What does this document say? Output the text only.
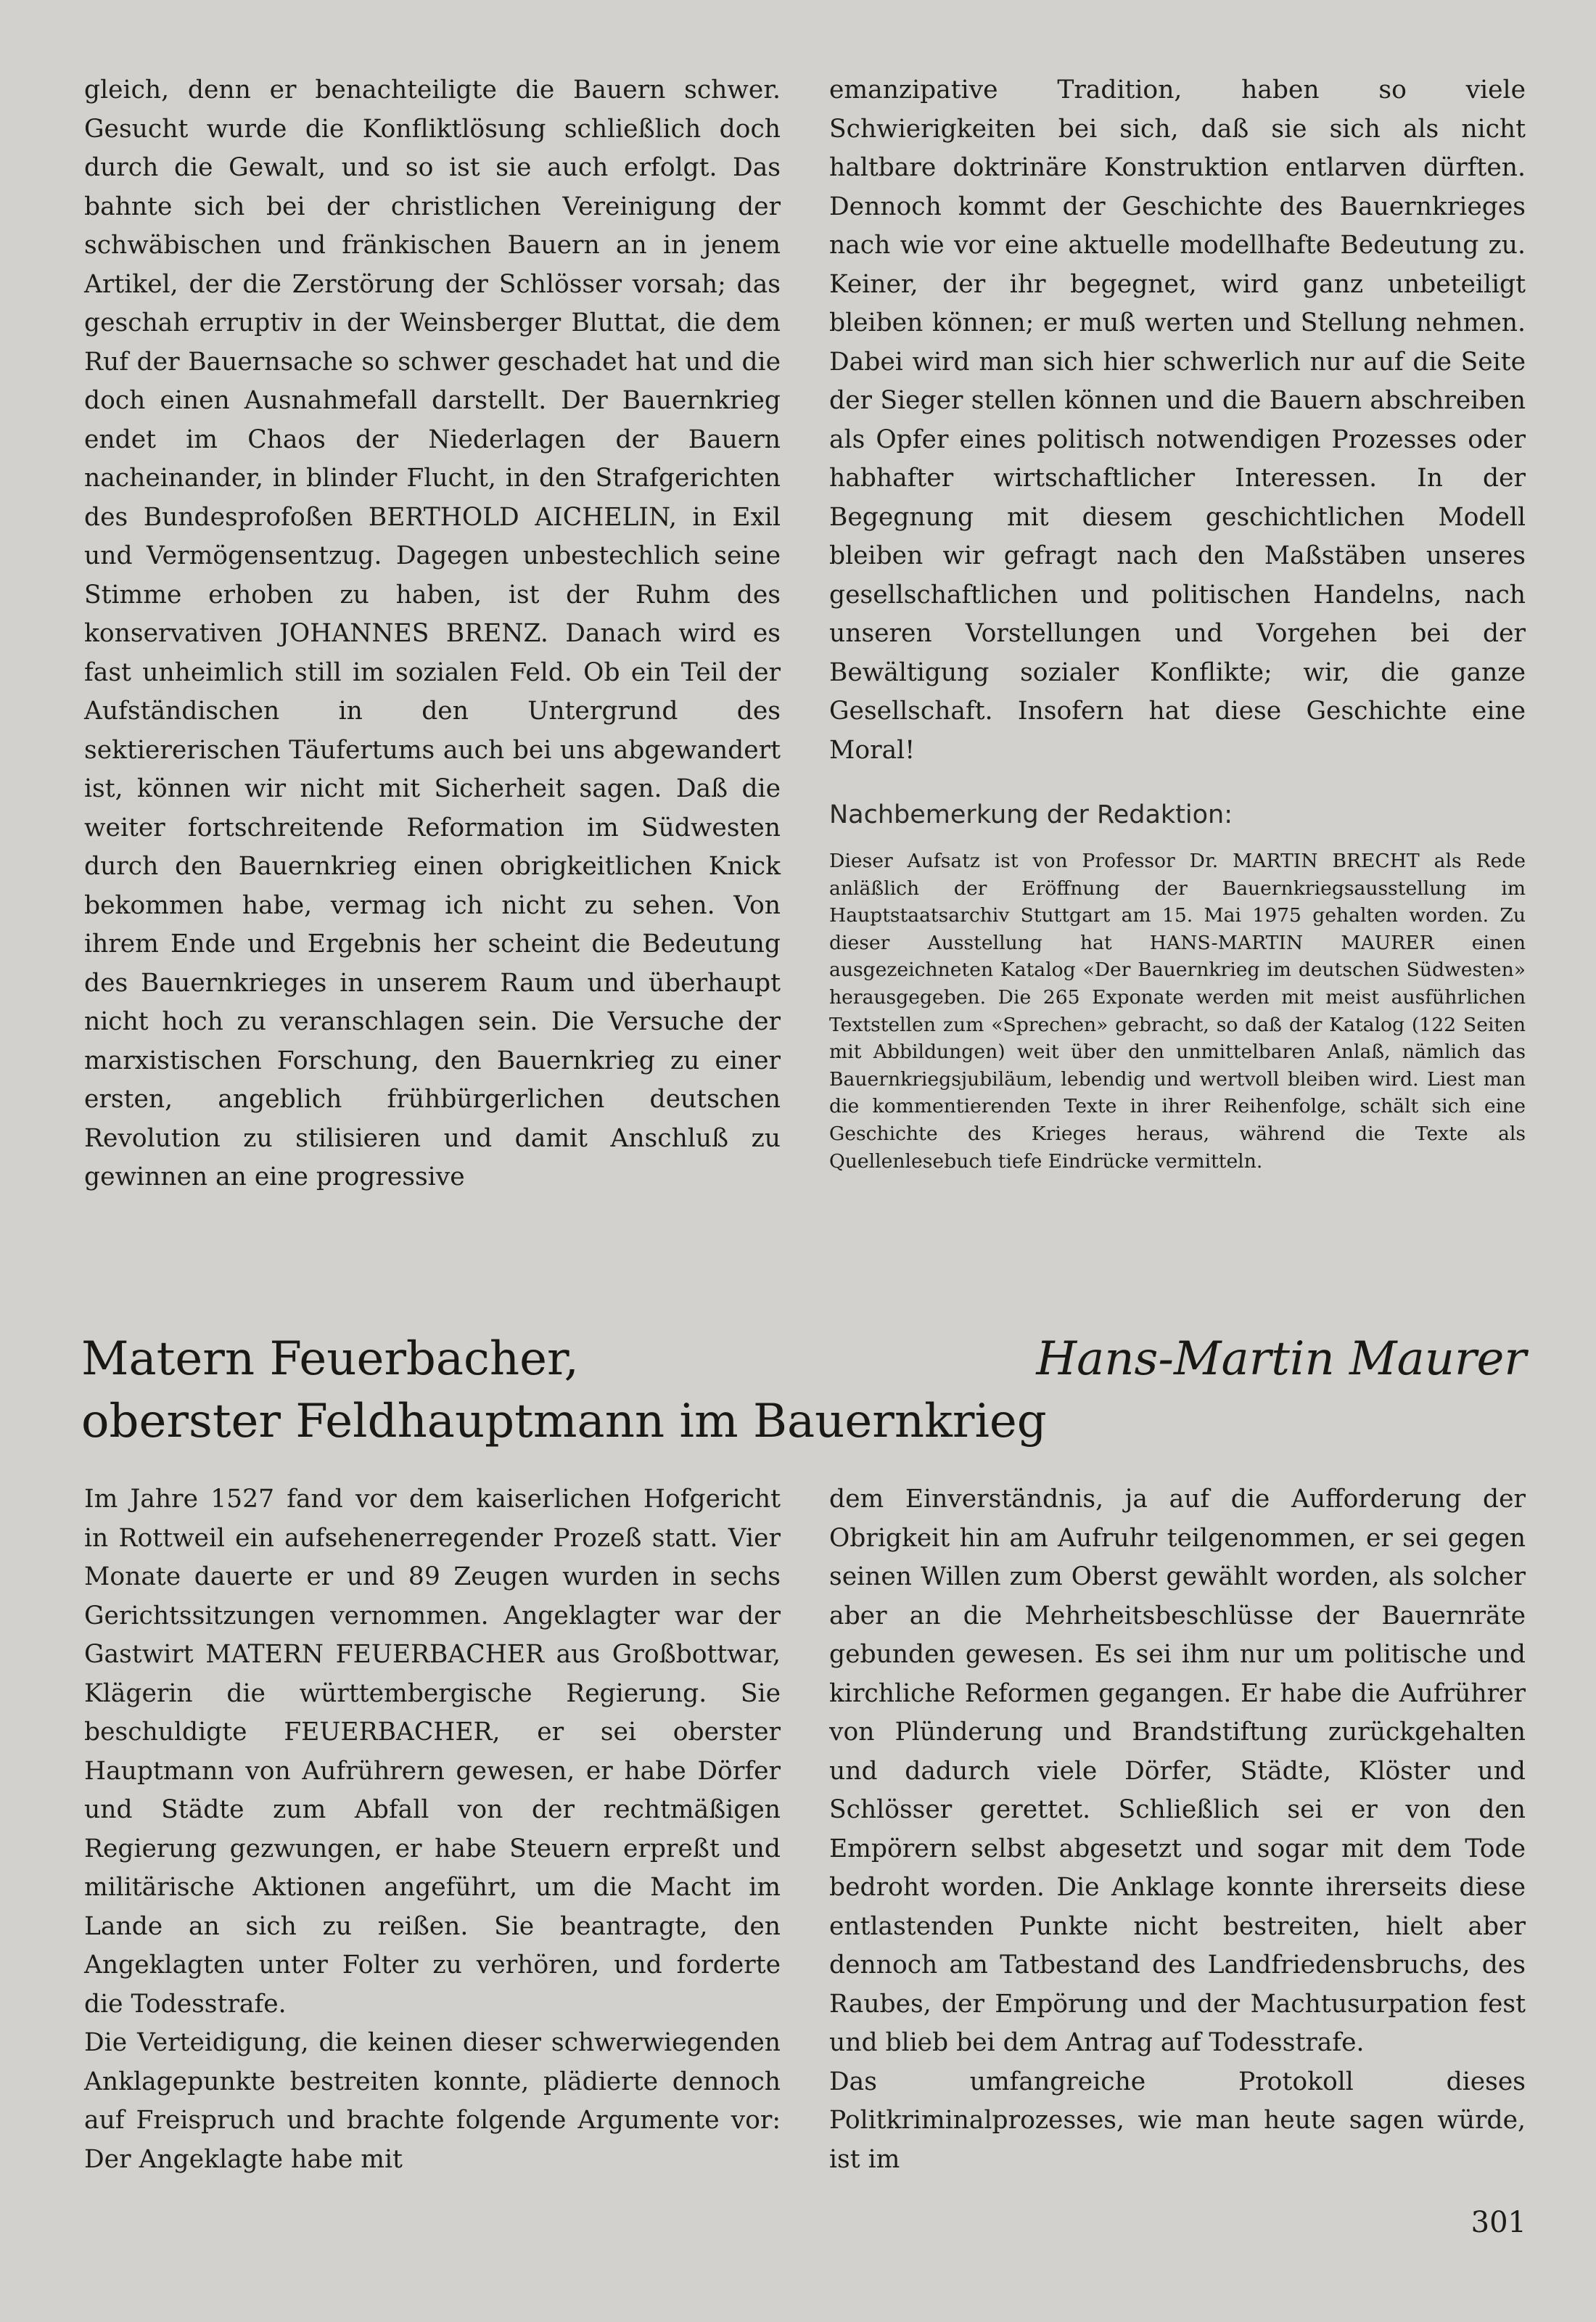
gleich, denn er benachteiligte die Bauern schwer. Gesucht wurde die Konfliktlösung schließlich doch durch die Gewalt, und so ist sie auch erfolgt. Das bahnte sich bei der christlichen Vereinigung der schwäbischen und fränkischen Bauern an in jenem Artikel, der die Zerstörung der Schlösser vorsah; das geschah erruptiv in der Weinsberger Bluttat, die dem Ruf der Bauernsache so schwer geschadet hat und die doch einen Ausnahmefall darstellt. Der Bauernkrieg endet im Chaos der Niederlagen der Bauern nacheinander, in blinder Flucht, in den Strafgerichten des Bundesprofoßen BERTHOLD AICHELIN, in Exil und Vermögensentzug. Dagegen unbestechlich seine Stimme erhoben zu haben, ist der Ruhm des konservativen JOHANNES BRENZ. Danach wird es fast unheimlich still im sozialen Feld. Ob ein Teil der Aufständischen in den Untergrund des sektiererischen Täufertums auch bei uns abgewandert ist, können wir nicht mit Sicherheit sagen. Daß die weiter fortschreitende Reformation im Südwesten durch den Bauernkrieg einen obrigkeitlichen Knick bekommen habe, vermag ich nicht zu sehen. Von ihrem Ende und Ergebnis her scheint die Bedeutung des Bauernkrieges in unserem Raum und überhaupt nicht hoch zu veranschlagen sein. Die Versuche der marxistischen Forschung, den Bauernkrieg zu einer ersten, angeblich frühbürgerlichen deutschen Revolution zu stilisieren und damit Anschluß zu gewinnen an eine progressive

emanzipative Tradition, haben so viele Schwierigkeiten bei sich, daß sie sich als nicht haltbare doktrinäre Konstruktion entlarven dürften. Dennoch kommt der Geschichte des Bauernkrieges nach wie vor eine aktuelle modellhafte Bedeutung zu. Keiner, der ihr begegnet, wird ganz unbeteiligt bleiben können; er muß werten und Stellung nehmen. Dabei wird man sich hier schwerlich nur auf die Seite der Sieger stellen können und die Bauern abschreiben als Opfer eines politisch notwendigen Prozesses oder habhafter wirtschaftlicher Interessen. In der Begegnung mit diesem geschichtlichen Modell bleiben wir gefragt nach den Maßstäben unseres gesellschaftlichen und politischen Handelns, nach unseren Vorstellungen und Vorgehen bei der Bewältigung sozialer Konflikte; wir, die ganze Gesellschaft. Insofern hat diese Geschichte eine Moral!

Nachbemerkung der Redaktion:

Dieser Aufsatz ist von Professor Dr. MARTIN BRECHT als Rede anläßlich der Eröffnung der Bauernkriegsausstellung im Hauptstaatsarchiv Stuttgart am 15. Mai 1975 gehalten worden. Zu dieser Ausstellung hat HANS-MARTIN MAURER einen ausgezeichneten Katalog «Der Bauernkrieg im deutschen Südwesten» herausgegeben. Die 265 Exponate werden mit meist ausführlichen Textstellen zum «Sprechen» gebracht, so daß der Katalog (122 Seiten mit Abbildungen) weit über den unmittelbaren Anlaß, nämlich das Bauernkriegsjubiläum, lebendig und wertvoll bleiben wird. Liest man die kommentierenden Texte in ihrer Reihenfolge, schält sich eine Geschichte des Krieges heraus, während die Texte als Quellenlesebuch tiefe Eindrücke vermitteln.

Matern Feuerbacher,
oberster Feldhauptmann im Bauernkrieg
Hans-Martin Maurer

Im Jahre 1527 fand vor dem kaiserlichen Hofgericht in Rottweil ein aufsehenerregender Prozeß statt. Vier Monate dauerte er und 89 Zeugen wurden in sechs Gerichtssitzungen vernommen. Angeklagter war der Gastwirt MATERN FEUERBACHER aus Großbottwar, Klägerin die württembergische Regierung. Sie beschuldigte FEUERBACHER, er sei oberster Hauptmann von Aufrührern gewesen, er habe Dörfer und Städte zum Abfall von der rechtmäßigen Regierung gezwungen, er habe Steuern erpreßt und militärische Aktionen angeführt, um die Macht im Lande an sich zu reißen. Sie beantragte, den Angeklagten unter Folter zu verhören, und forderte die Todesstrafe.

Die Verteidigung, die keinen dieser schwerwiegenden Anklagepunkte bestreiten konnte, plädierte dennoch auf Freispruch und brachte folgende Argumente vor: Der Angeklagte habe mit

dem Einverständnis, ja auf die Aufforderung der Obrigkeit hin am Aufruhr teilgenommen, er sei gegen seinen Willen zum Oberst gewählt worden, als solcher aber an die Mehrheitsbeschlüsse der Bauernräte gebunden gewesen. Es sei ihm nur um politische und kirchliche Reformen gegangen. Er habe die Aufrührer von Plünderung und Brandstiftung zurückgehalten und dadurch viele Dörfer, Städte, Klöster und Schlösser gerettet. Schließlich sei er von den Empörern selbst abgesetzt und sogar mit dem Tode bedroht worden. Die Anklage konnte ihrerseits diese entlastenden Punkte nicht bestreiten, hielt aber dennoch am Tatbestand des Landfriedensbruchs, des Raubes, der Empörung und der Machtusurpation fest und blieb bei dem Antrag auf Todesstrafe.

Das umfangreiche Protokoll dieses Politkriminalprozesses, wie man heute sagen würde, ist im

301
